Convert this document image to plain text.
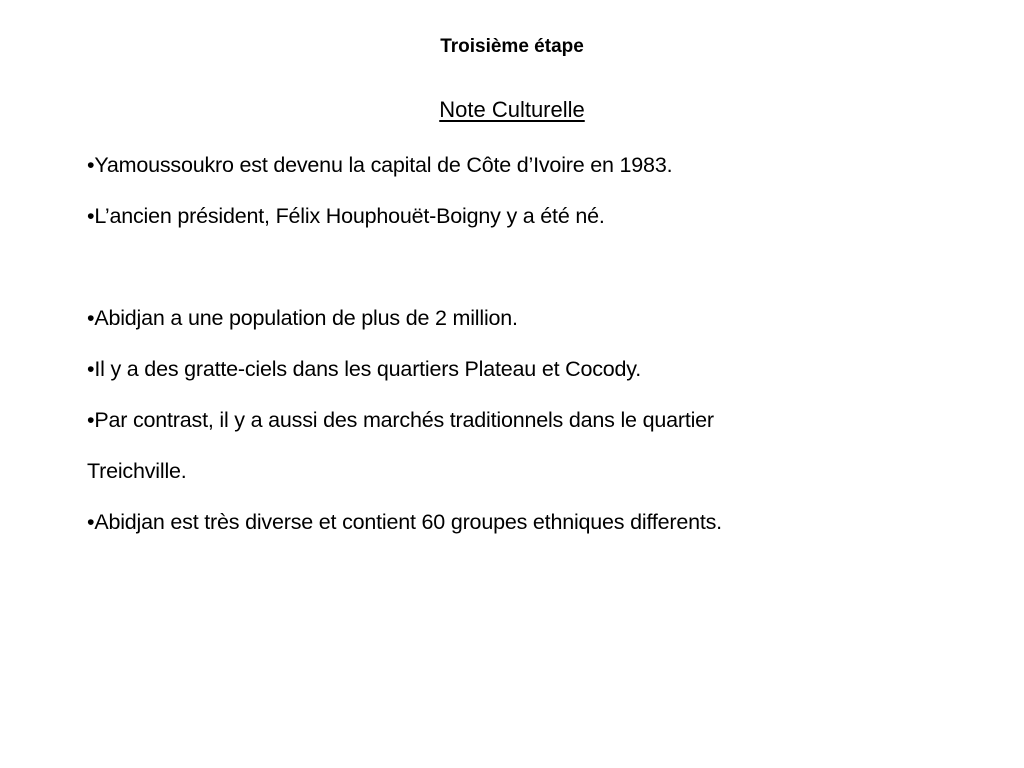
Troisième étape
Note Culturelle
•Yamoussoukro est devenu la capital de Côte d’Ivoire en 1983.
•L’ancien président, Félix Houphouët-Boigny y a été né.
•Abidjan a une population de plus de 2 million.
•Il y a des gratte-ciels dans les quartiers Plateau et Cocody.
•Par contrast, il y a aussi des marchés traditionnels dans le quartier
Treichville.
•Abidjan est très diverse et contient 60 groupes ethniques differents.
